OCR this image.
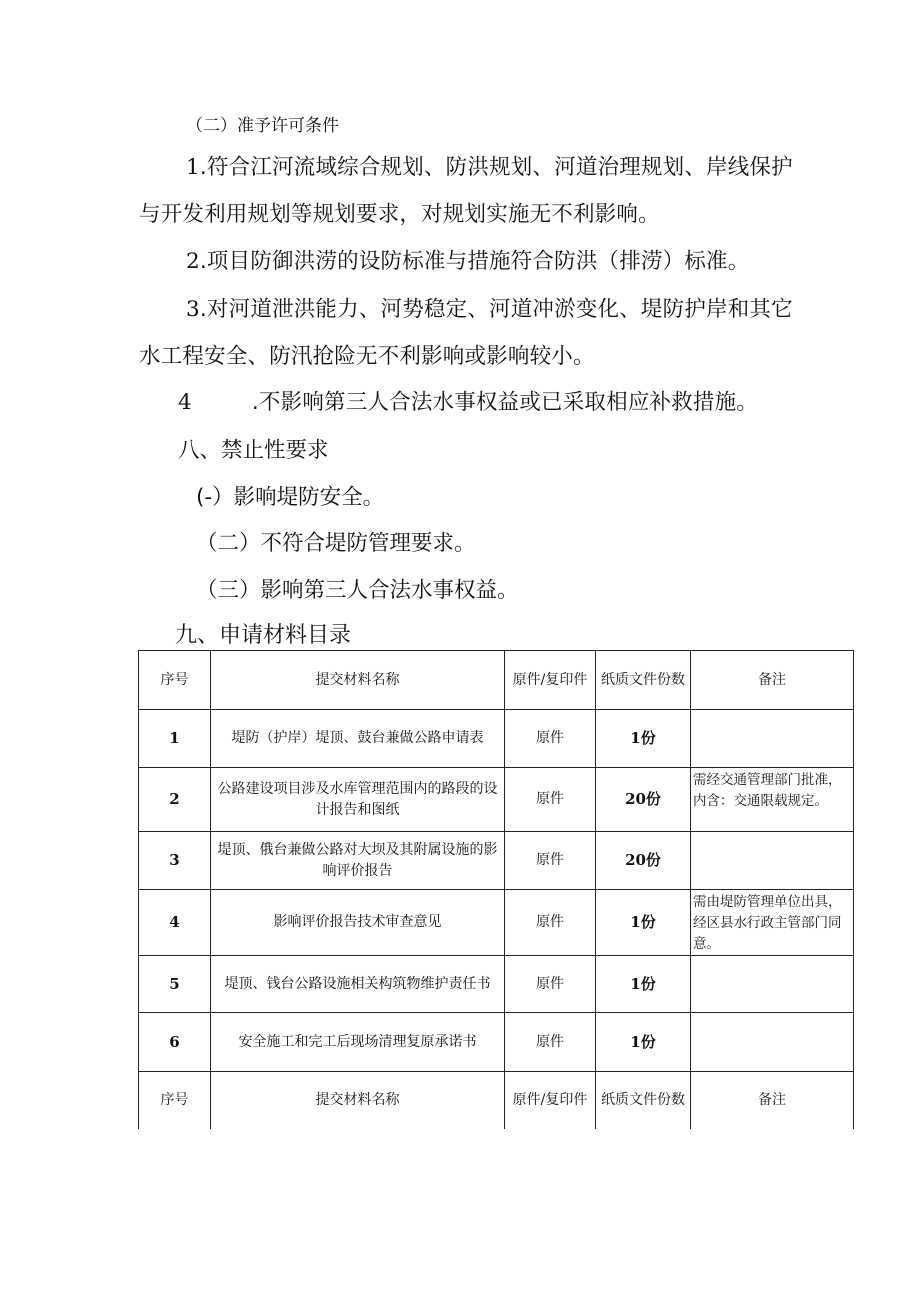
（二）准予许可条件
1.符合江河流域综合规划、防洪规划、河道治理规划、岸线保护
与开发利用规划等规划要求，对规划实施无不利影响。
2.项目防御洪涝的设防标准与措施符合防洪（排涝）标准。
3.对河道泄洪能力、河势稳定、河道冲淤变化、堤防护岸和其它
水工程安全、防汛抢险无不利影响或影响较小。
4	.不影响第三人合法水事权益或已采取相应补救措施。
八、禁止性要求
(-）影响堤防安全。
（二）不符合堤防管理要求。
（三）影响第三人合法水事权益。
九、申请材料目录
序号	提交材料名称	原件/复印件	纸质文件份数	备注
1	堤防（护岸）堤顶、鼓台兼做公路申请表	原件	1份	
2	公路建设项目涉及水库管理范围内的路段的设计报告和图纸	原件	20份	需经交通管理部门批准，内含：交通限载规定。
3	堤顶、俄台兼做公路对大坝及其附属设施的影响评价报告	原件	20份	
4	影响评价报告技术审查意见	原件	1份	需由堤防管理单位出具，经区县水行政主管部门同意。
5	堤顶、钱台公路设施相关构筑物维护责任书	原件	1份	
6	安全施工和完工后现场清理复原承诺书	原件	1份	
序号	提交材料名称	原件/复印件	纸质文件份数	备注
